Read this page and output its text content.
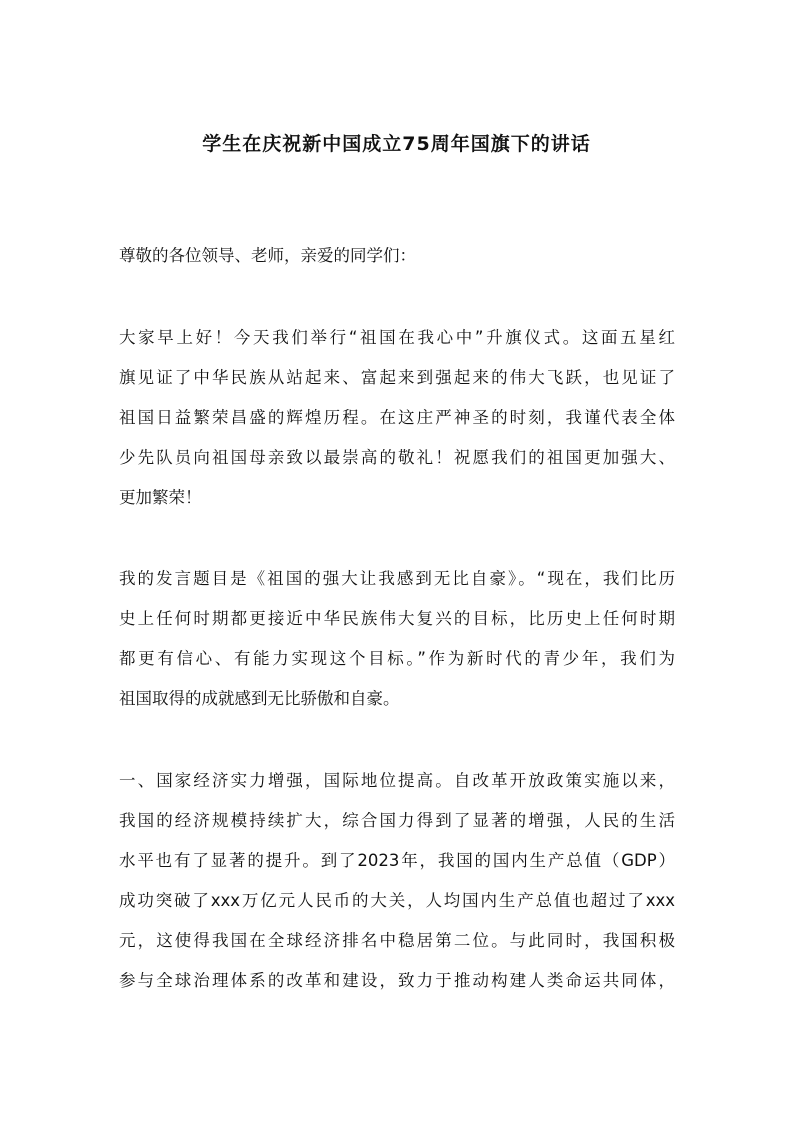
学生在庆祝新中国成立75周年国旗下的讲话
尊敬的各位领导、老师，亲爱的同学们：
大家早上好！今天我们举行“祖国在我心中”升旗仪式。这面五星红
旗见证了中华民族从站起来、富起来到强起来的伟大飞跃，也见证了
祖国日益繁荣昌盛的辉煌历程。在这庄严神圣的时刻，我谨代表全体
少先队员向祖国母亲致以最崇高的敬礼！祝愿我们的祖国更加强大、
更加繁荣！
我的发言题目是《祖国的强大让我感到无比自豪》。“现在，我们比历
史上任何时期都更接近中华民族伟大复兴的目标，比历史上任何时期
都更有信心、有能力实现这个目标。”作为新时代的青少年，我们为
祖国取得的成就感到无比骄傲和自豪。
一、国家经济实力增强，国际地位提高。自改革开放政策实施以来，
我国的经济规模持续扩大，综合国力得到了显著的增强，人民的生活
水平也有了显著的提升。到了2023年，我国的国内生产总值（GDP）
成功突破了xxx万亿元人民币的大关，人均国内生产总值也超过了xxx
元，这使得我国在全球经济排名中稳居第二位。与此同时，我国积极
参与全球治理体系的改革和建设，致力于推动构建人类命运共同体，
